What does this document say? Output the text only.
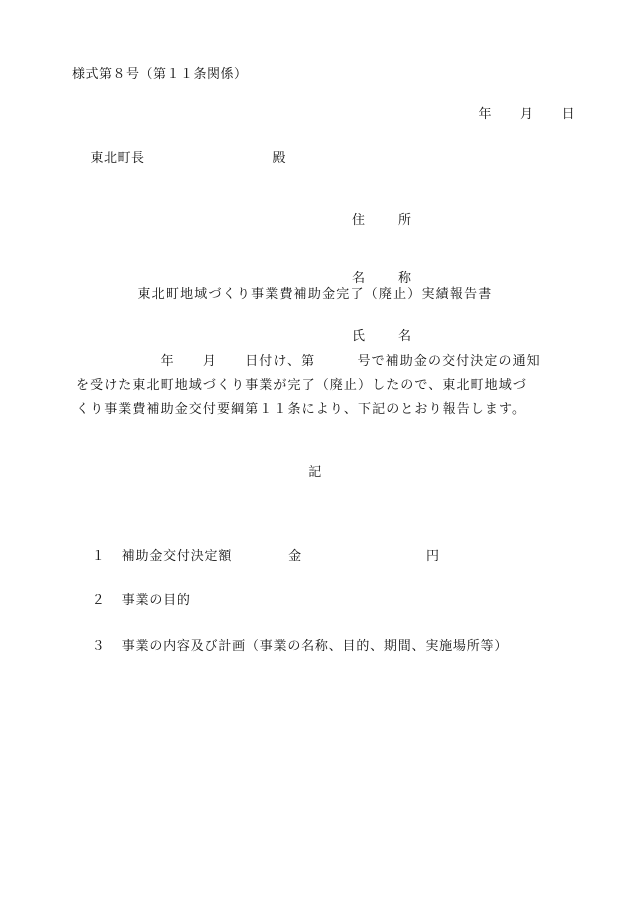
様式第８号（第１１条関係）

年 月 日

東北町長	殿

住　所

名　称

氏　名

東北町地域づくり事業費補助金完了（廃止）実績報告書
　　　　　　年　　月　　日付け、第　　　号で補助金の交付決定の通知
を受けた東北町地域づくり事業が完了（廃止）したので、東北町地域づ
くり事業費補助金交付要綱第１１条により、下記のとおり報告します。
記

１ 補助金交付決定額	金	円

２ 事業の目的

３ 事業の内容及び計画（事業の名称、目的、期間、実施場所等）
